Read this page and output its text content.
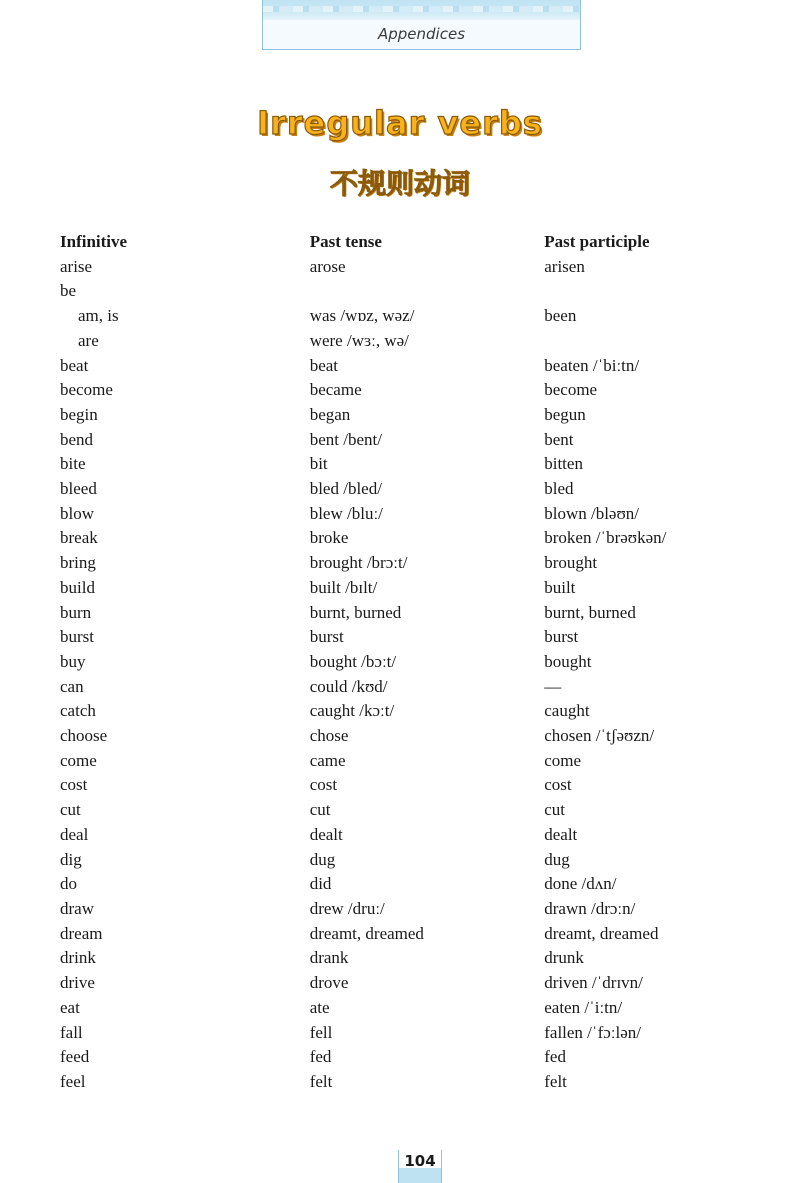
Appendices
Irregular verbs
不规则动词
Infinitive	Past tense	Past participle
arise	arose	arisen
be		
am, is	was /wɒz, wəz/	been
are	were /wɜː, wə/	
beat	beat	beaten /ˈbiːtn/
become	became	become
begin	began	begun
bend	bent /bent/	bent
bite	bit	bitten
bleed	bled /bled/	bled
blow	blew /bluː/	blown /bləʊn/
break	broke	broken /ˈbrəʊkən/
bring	brought /brɔːt/	brought
build	built /bɪlt/	built
burn	burnt, burned	burnt, burned
burst	burst	burst
buy	bought /bɔːt/	bought
can	could /kʊd/	—
catch	caught /kɔːt/	caught
choose	chose	chosen /ˈtʃəʊzn/
come	came	come
cost	cost	cost
cut	cut	cut
deal	dealt	dealt
dig	dug	dug
do	did	done /dʌn/
draw	drew /druː/	drawn /drɔːn/
dream	dreamt, dreamed	dreamt, dreamed
drink	drank	drunk
drive	drove	driven /ˈdrɪvn/
eat	ate	eaten /ˈiːtn/
fall	fell	fallen /ˈfɔːlən/
feed	fed	fed
feel	felt	felt
104
